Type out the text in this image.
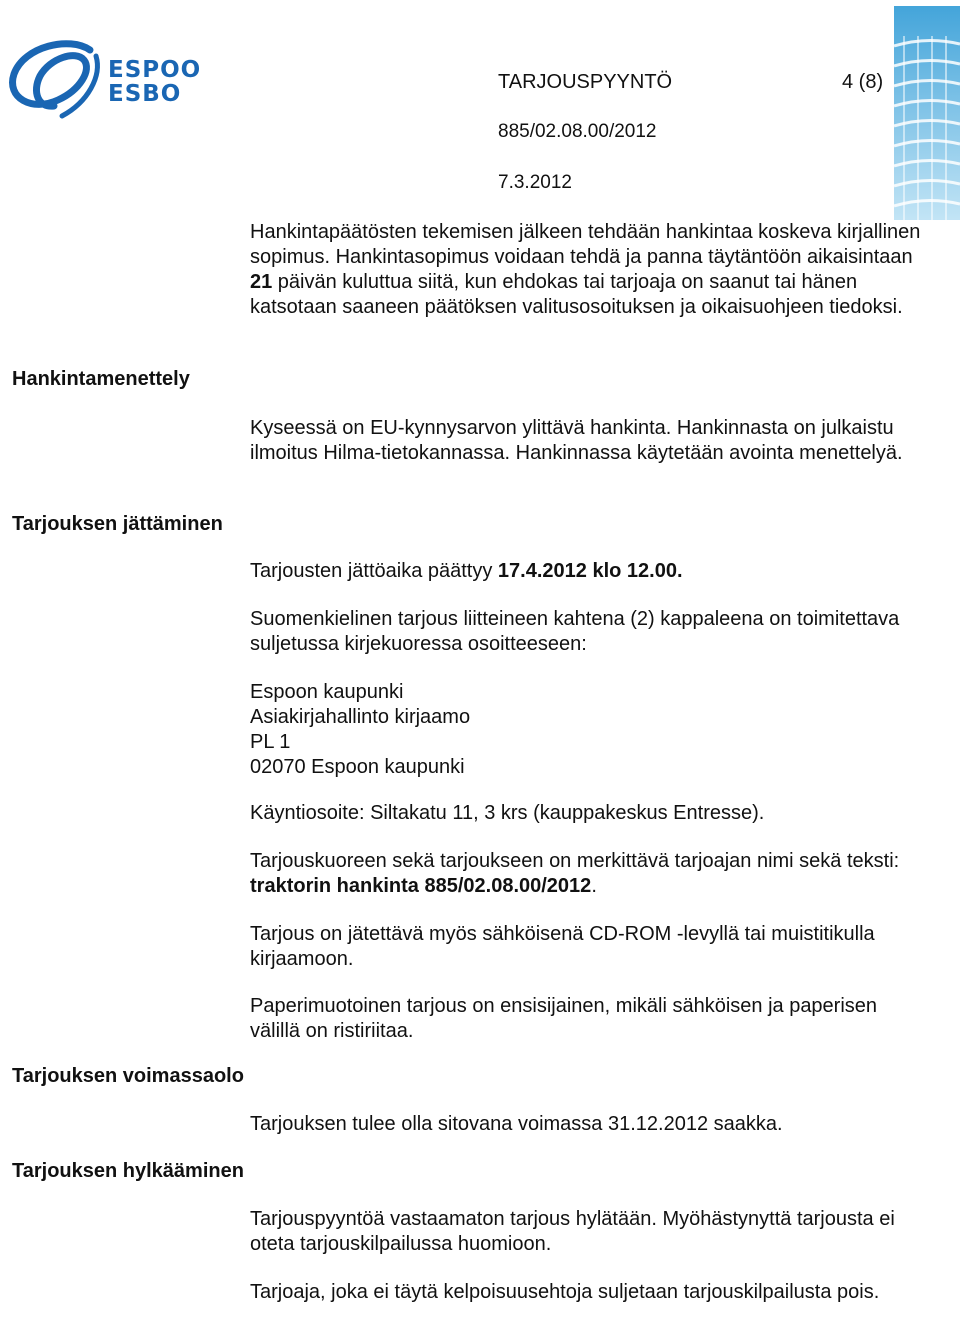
ESPOO
ESBO	TARJOUSPYYNTÖ	4 (8)
885/02.08.00/2012
7.3.2012

Hankintapäätösten tekemisen jälkeen tehdään hankintaa koskeva kirjallinen sopimus. Hankintasopimus voidaan tehdä ja panna täytäntöön aikaisintaan 21 päivän kuluttua siitä, kun ehdokas tai tarjoaja on saanut tai hänen katsotaan saaneen päätöksen valitusosoituksen ja oikaisuohjeen tiedoksi.

Hankintamenettely
Tarjouksen jättäminen
Tarjouksen voimassaolo
Tarjouksen hylkääminen

Kyseessä on EU-kynnysarvon ylittävä hankinta. Hankinnasta on julkaistu ilmoitus Hilma-tietokannassa. Hankinnassa käytetään avointa menettelyä.

Tarjousten jättöaika päättyy 17.4.2012 klo 12.00.

Suomenkielinen tarjous liitteineen kahtena (2) kappaleena on toimitettava suljetussa kirjekuoressa osoitteeseen:

Espoon kaupunki

Asiakirjahallinto kirjaamo

PL 1

02070 Espoon kaupunki

Käyntiosoite: Siltakatu 11, 3 krs (kauppakeskus Entresse).

Tarjouskuoreen sekä tarjoukseen on merkittävä tarjoajan nimi sekä teksti: traktorin hankinta 885/02.08.00/2012.

Tarjous on jätettävä myös sähköisenä CD-ROM -levyllä tai muistitikulla kirjaamoon.

Paperimuotoinen tarjous on ensisijainen, mikäli sähköisen ja paperisen välillä on ristiriitaa.

Tarjouksen tulee olla sitovana voimassa 31.12.2012 saakka.

Tarjouspyyntöä vastaamaton tarjous hylätään. Myöhästynyttä tarjousta ei oteta tarjouskilpailussa huomioon.

Tarjoaja, joka ei täytä kelpoisuusehtoja suljetaan tarjouskilpailusta pois.
